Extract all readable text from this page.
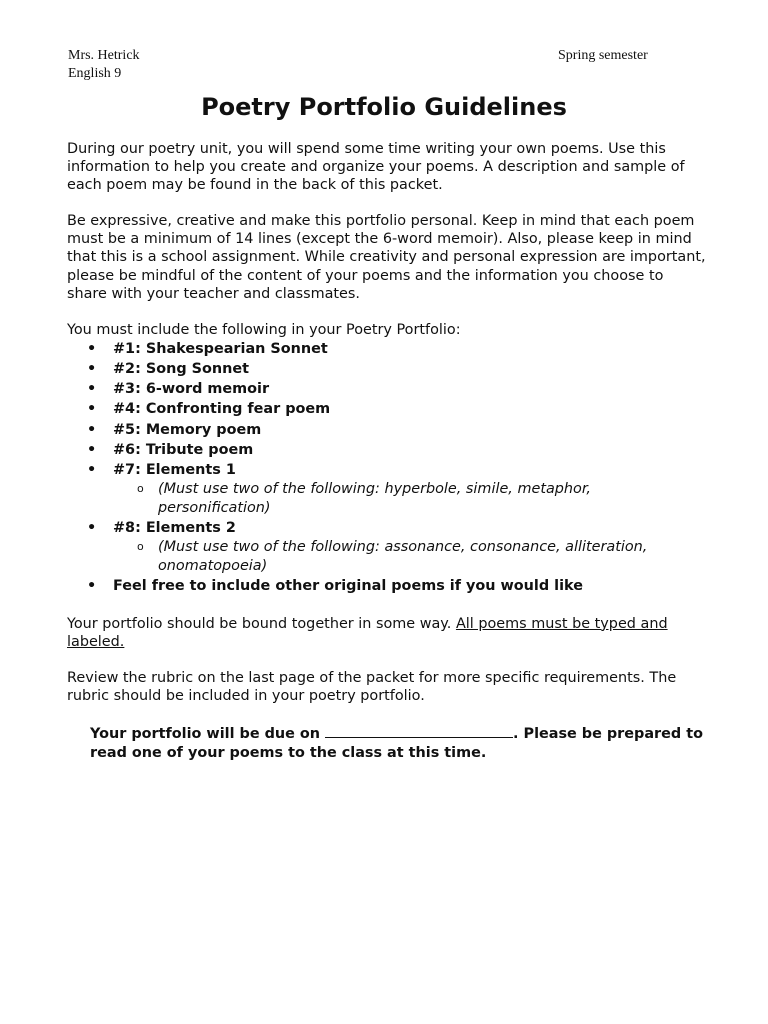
Mrs. Hetrick
English 9
Spring semester
Poetry Portfolio Guidelines

During our poetry unit, you will spend some time writing your own poems. Use this information to help you create and organize your poems. A description and sample of each poem may be found in the back of this packet.

Be expressive, creative and make this portfolio personal. Keep in mind that each poem must be a minimum of 14 lines (except the 6-word memoir). Also, please keep in mind that this is a school assignment. While creativity and personal expression are important, please be mindful of the content of your poems and the information you choose to share with your teacher and classmates.

You must include the following in your Poetry Portfolio:

• #1: Shakespearian Sonnet
• #2: Song Sonnet
• #3: 6-word memoir
• #4: Confronting fear poem
• #5: Memory poem
• #6: Tribute poem
• #7: Elements 1
o (Must use two of the following: hyperbole, simile, metaphor, personification)
• #8: Elements 2
o (Must use two of the following: assonance, consonance, alliteration, onomatopoeia)
• Feel free to include other original poems if you would like

Your portfolio should be bound together in some way. All poems must be typed and labeled.

Review the rubric on the last page of the packet for more specific requirements. The rubric should be included in your poetry portfolio.

Your portfolio will be due on	. Please be prepared to read one of your poems to the class at this time.
